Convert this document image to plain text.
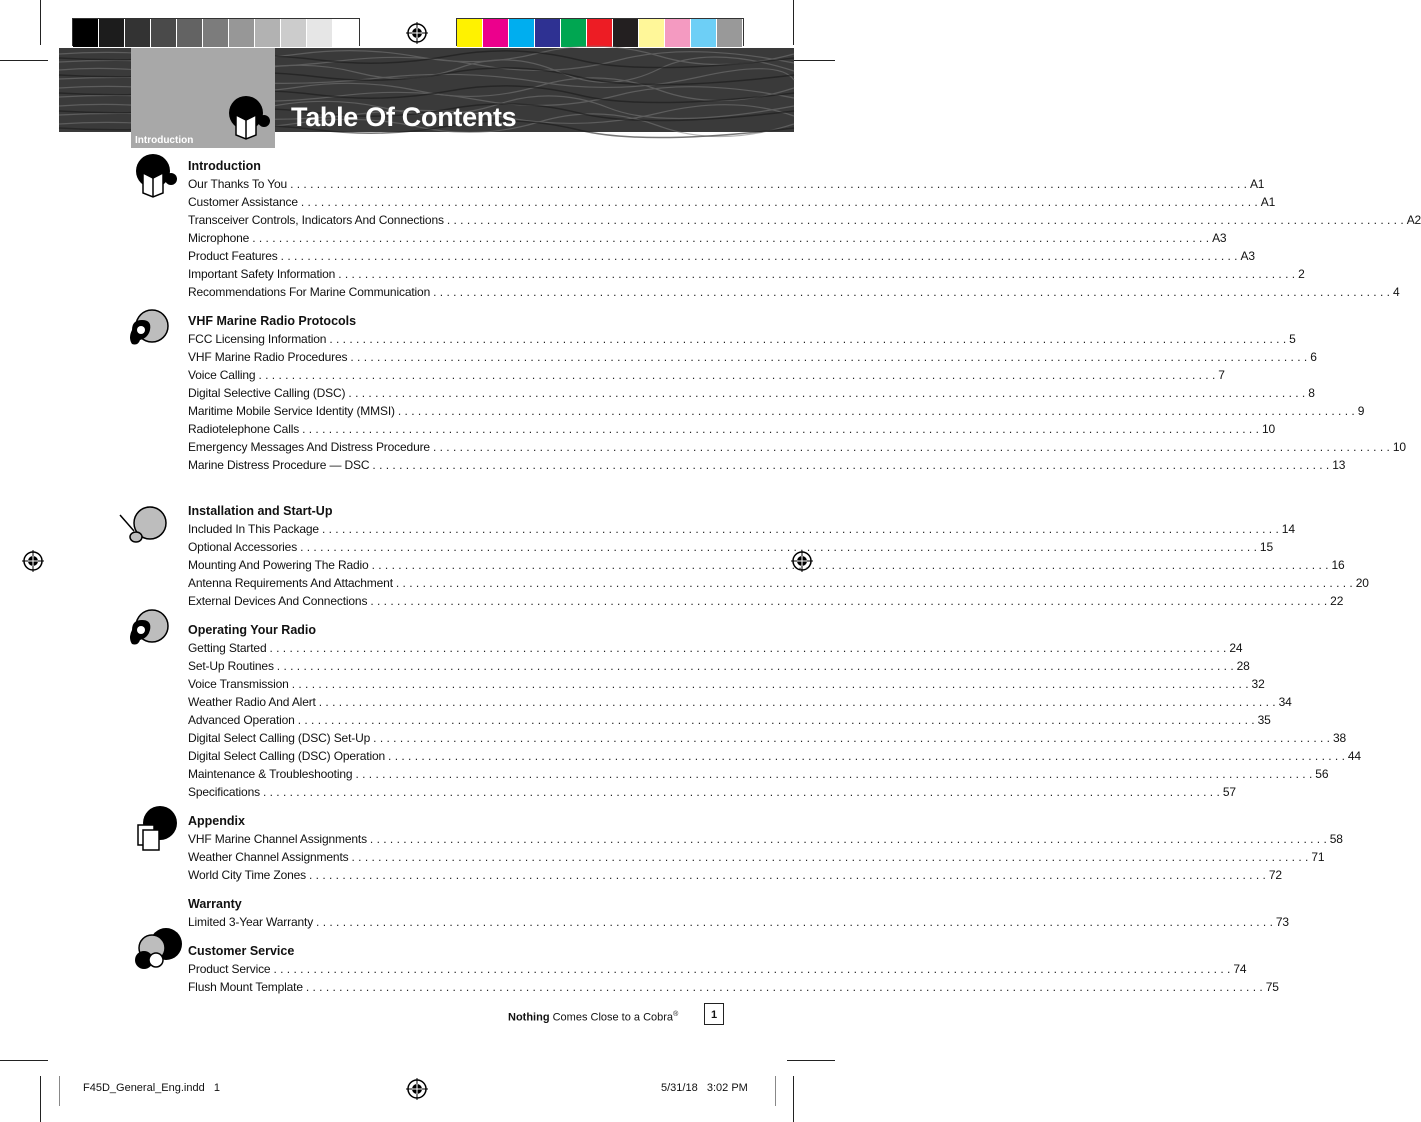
Introduction
Table Of Contents
Introduction
Our Thanks To You . . .	A1
Customer Assistance . . .	A1
Transceiver Controls, Indicators And Connections . . .	A2
Microphone . . .	A3
Product Features . . .	A3
Important Safety Information . . .	2
Recommendations For Marine Communication . . .	4
VHF Marine Radio Protocols
FCC Licensing Information . . .	5
VHF Marine Radio Procedures . . .	6
Voice Calling . . .	7
Digital Selective Calling (DSC) . . .	8
Maritime Mobile Service Identity (MMSI) . . .	9
Radiotelephone Calls . . .	10
Emergency Messages And Distress Procedure . . .	10
Marine Distress Procedure — DSC . . .	13
Installation and Start-Up
Included In This Package . . .	14
Optional Accessories . . .	15
Mounting And Powering The Radio . . .	16
Antenna Requirements And Attachment . . .	20
External Devices And Connections . . .	22
Operating Your Radio
Getting Started . . .	24
Set-Up Routines . . .	28
Voice Transmission . . .	32
Weather Radio And Alert . . .	34
Advanced Operation . . .	35
Digital Select Calling (DSC) Set-Up . . .	38
Digital Select Calling (DSC) Operation . . .	44
Maintenance & Troubleshooting . . .	56
Specifications . . .	57
Appendix
VHF Marine Channel Assignments . . .	58
Weather Channel Assignments . . .	71
World City Time Zones . . .	72
Warranty
Limited 3-Year Warranty . . .	73
Customer Service
Product Service . . .	74
Flush Mount Template . . .	75
Nothing Comes Close to a Cobra®	1
F45D_General_Eng.indd   1	5/31/18   3:02 PM
